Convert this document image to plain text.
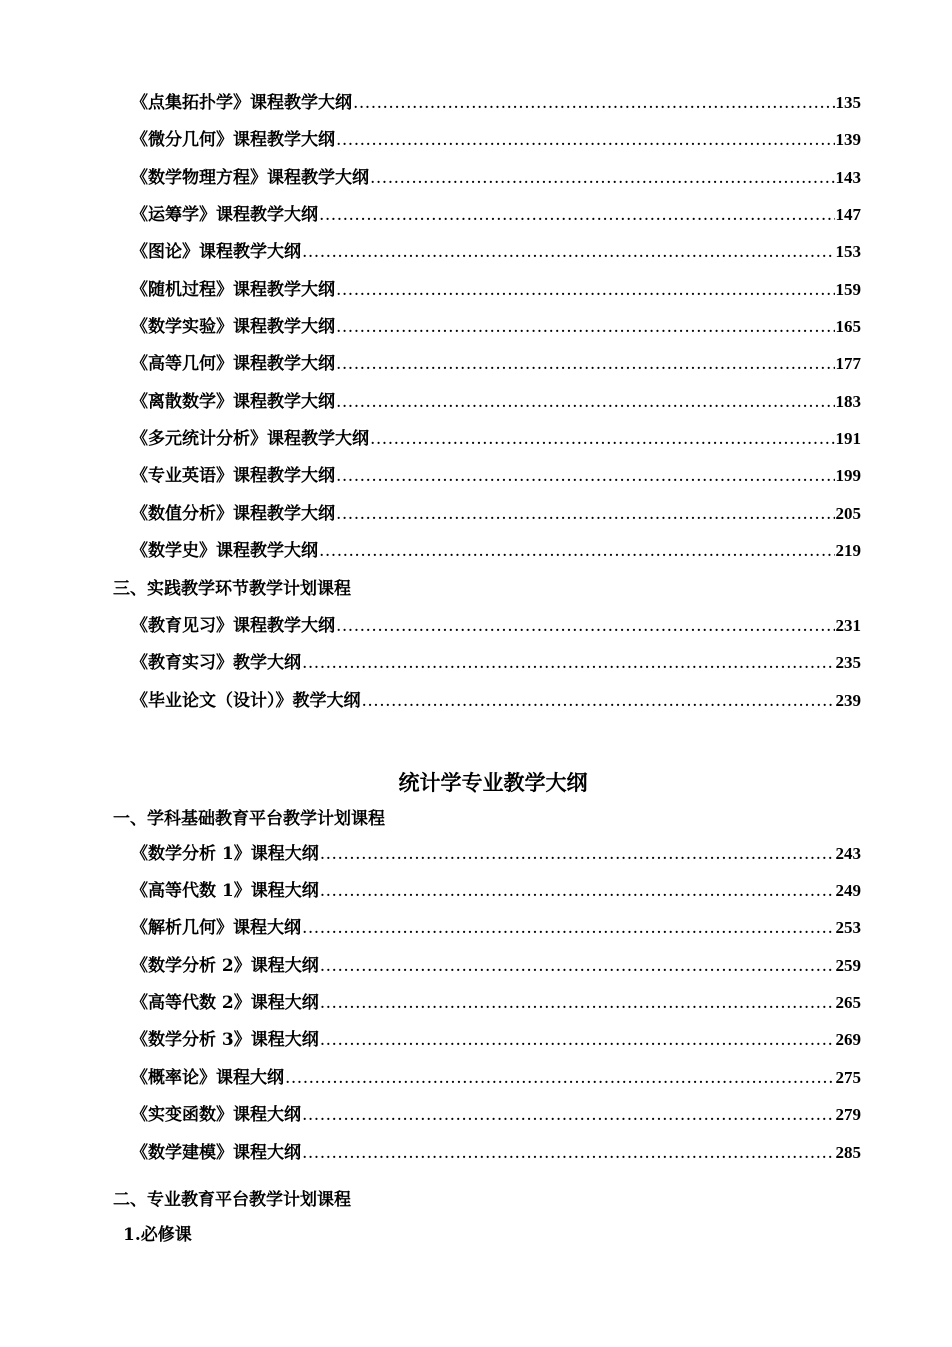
《点集拓扑学》课程教学大纲 .....	135
《微分几何》课程教学大纲 .....	139
《数学物理方程》课程教学大纲 .....	143
《运筹学》课程教学大纲 .....	147
《图论》课程教学大纲 .....	153
《随机过程》课程教学大纲 .....	159
《数学实验》课程教学大纲 .....	165
《高等几何》课程教学大纲 .....	177
《离散数学》课程教学大纲 .....	183
《多元统计分析》课程教学大纲 .....	191
《专业英语》课程教学大纲 .....	199
《数值分析》课程教学大纲 .....	205
《数学史》课程教学大纲 .....	219
三、实践教学环节教学计划课程
《教育见习》课程教学大纲 .....	231
《教育实习》教学大纲 .....	235
《毕业论文（设计）》教学大纲 .....	239
统计学专业教学大纲
一、学科基础教育平台教学计划课程
《数学分析 1》课程大纲 .....	243
《高等代数 1》课程大纲 .....	249
《解析几何》课程大纲 .....	253
《数学分析 2》课程大纲 .....	259
《高等代数 2》课程大纲 .....	265
《数学分析 3》课程大纲 .....	269
《概率论》课程大纲 .....	275
《实变函数》课程大纲 .....	279
《数学建模》课程大纲 .....	285
二、专业教育平台教学计划课程
1.必修课
